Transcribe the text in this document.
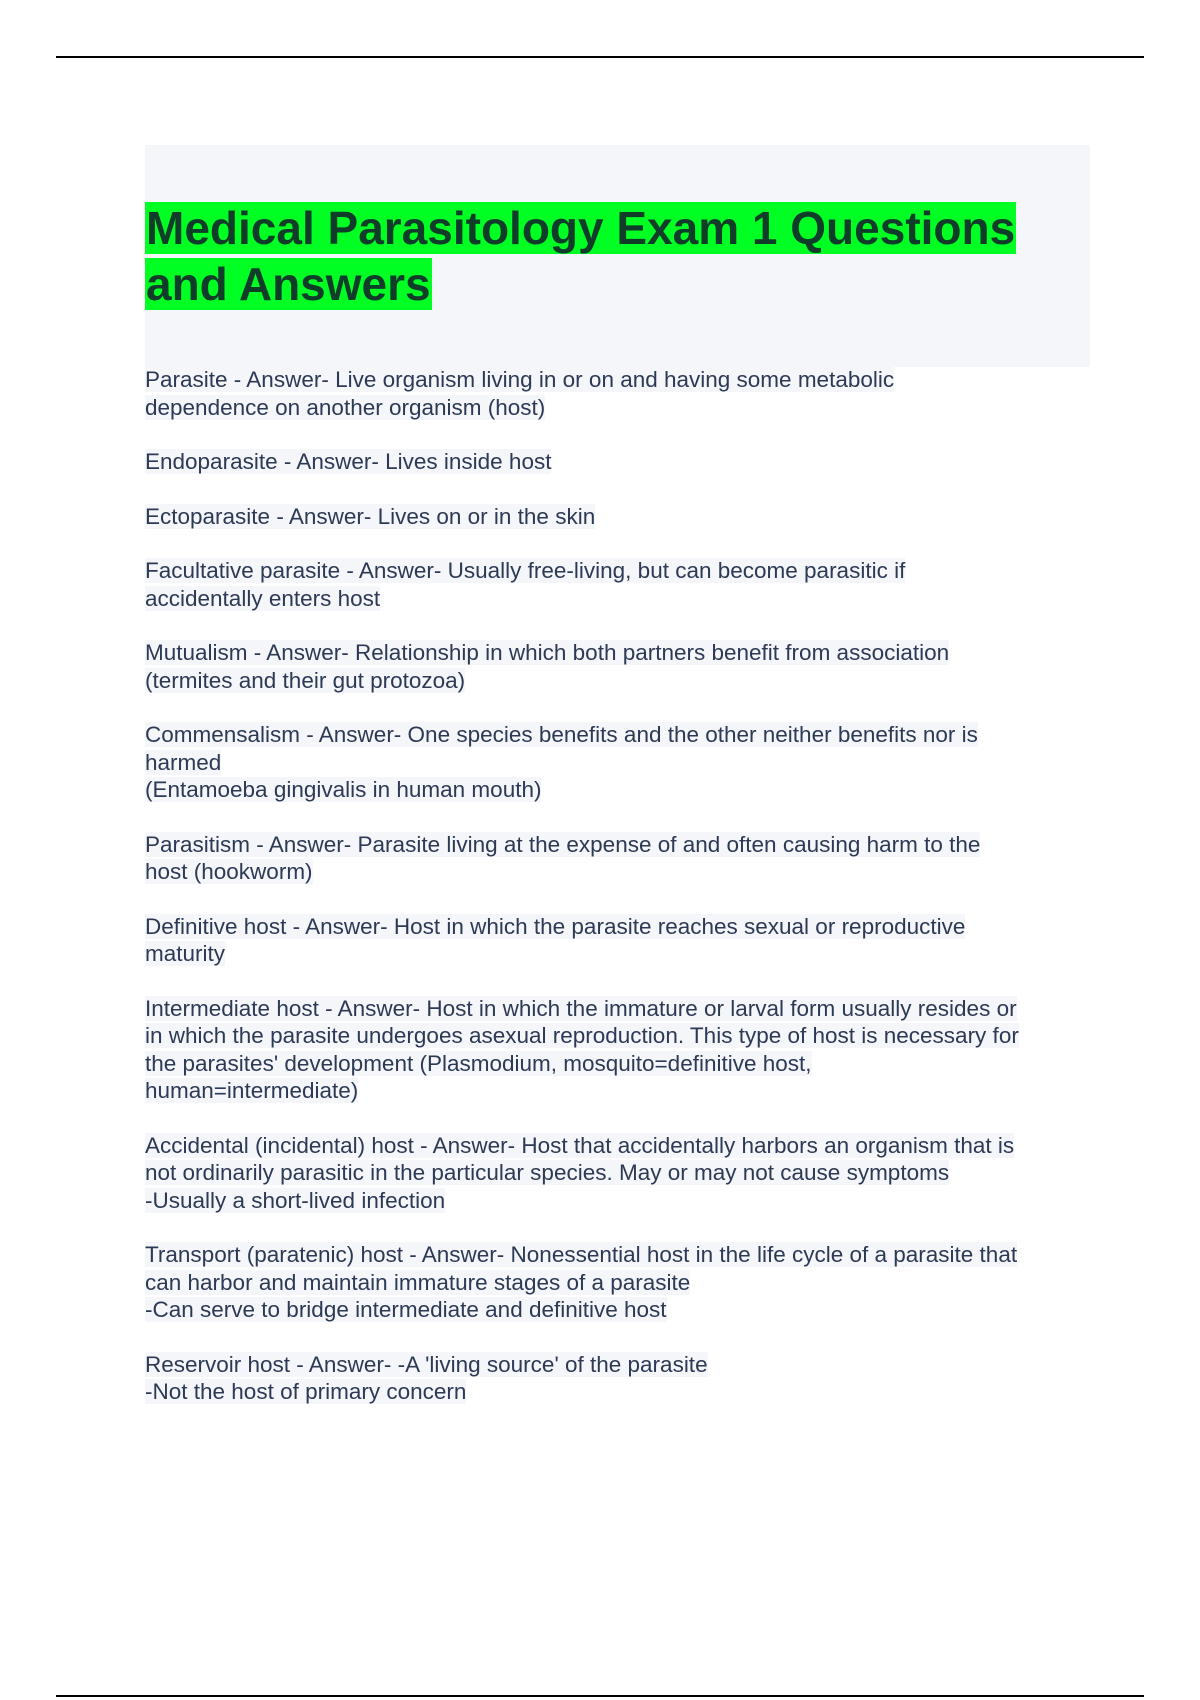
Medical Parasitology Exam 1 Questions
and Answers
Parasite - Answer- Live organism living in or on and having some metabolic
dependence on another organism (host)
Endoparasite - Answer- Lives inside host
Ectoparasite - Answer- Lives on or in the skin
Facultative parasite - Answer- Usually free-living, but can become parasitic if
accidentally enters host
Mutualism - Answer- Relationship in which both partners benefit from association
(termites and their gut protozoa)
Commensalism - Answer- One species benefits and the other neither benefits nor is
harmed
(Entamoeba gingivalis in human mouth)
Parasitism - Answer- Parasite living at the expense of and often causing harm to the
host (hookworm)
Definitive host - Answer- Host in which the parasite reaches sexual or reproductive
maturity
Intermediate host - Answer- Host in which the immature or larval form usually resides or
in which the parasite undergoes asexual reproduction. This type of host is necessary for
the parasites' development (Plasmodium, mosquito=definitive host,
human=intermediate)
Accidental (incidental) host - Answer- Host that accidentally harbors an organism that is
not ordinarily parasitic in the particular species. May or may not cause symptoms
-Usually a short-lived infection
Transport (paratenic) host - Answer- Nonessential host in the life cycle of a parasite that
can harbor and maintain immature stages of a parasite
-Can serve to bridge intermediate and definitive host
Reservoir host - Answer- -A 'living source' of the parasite
-Not the host of primary concern
